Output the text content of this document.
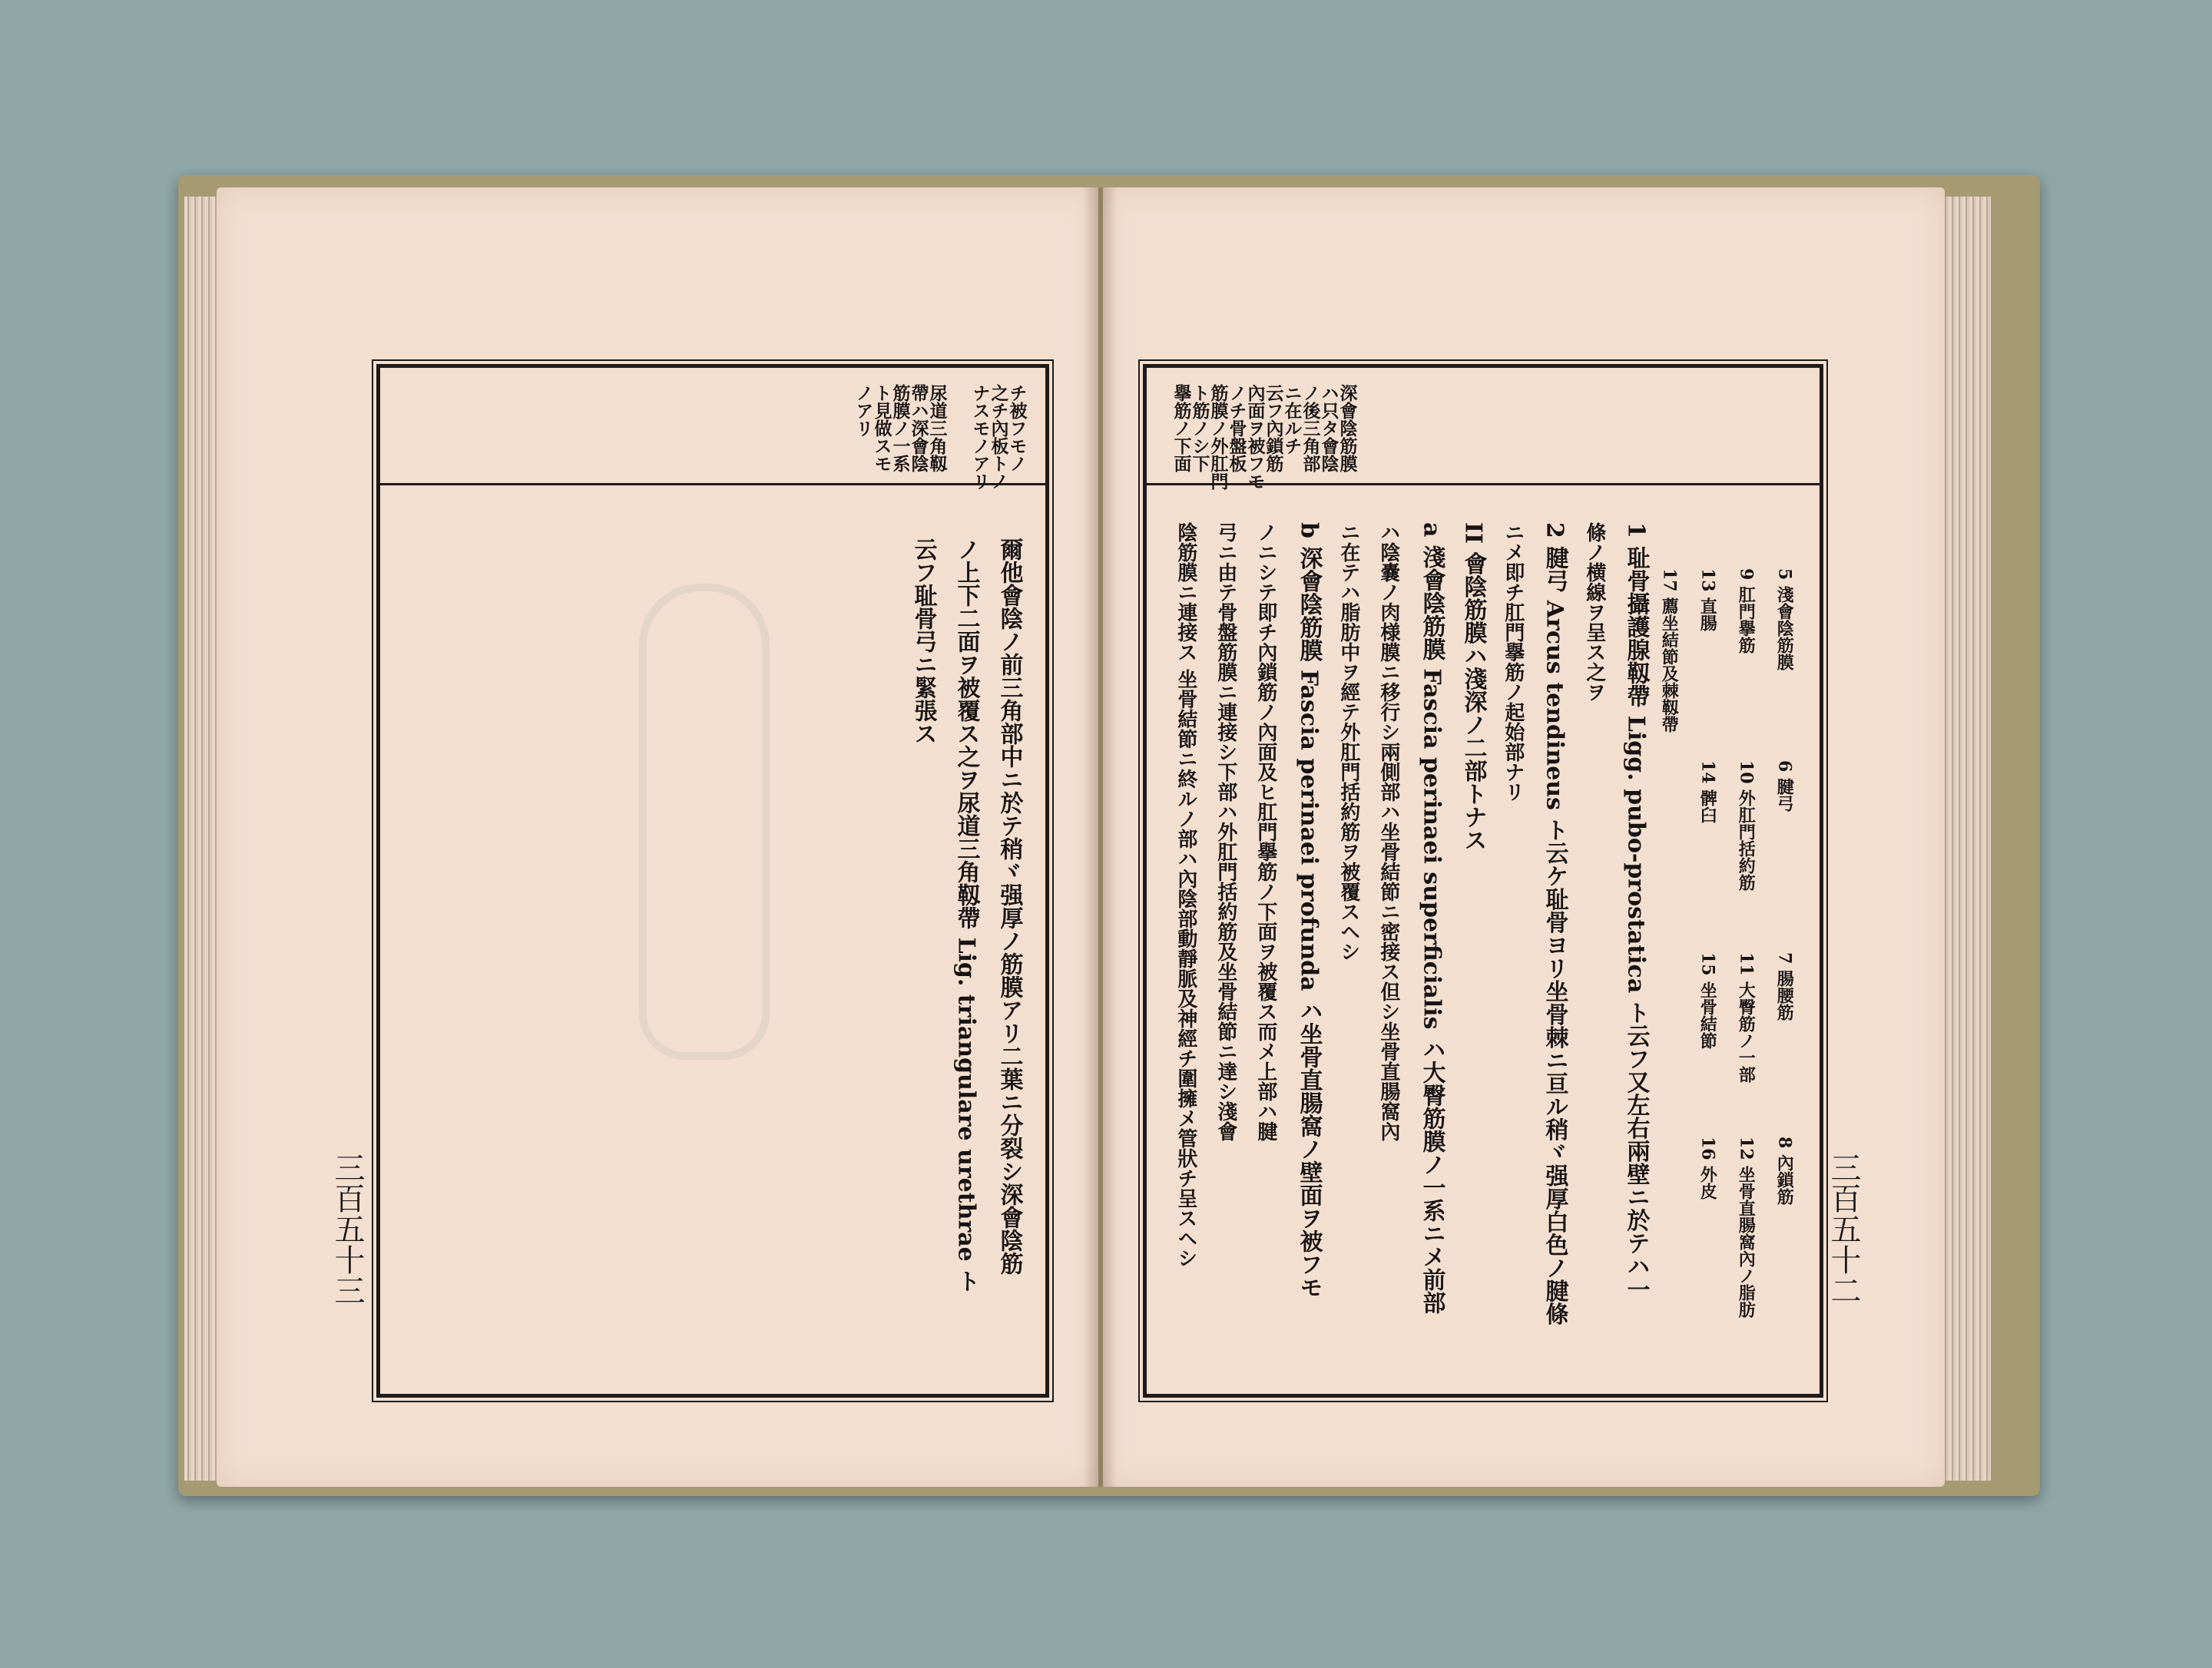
三百五十三
チ被フモノ
之チ內板トノ
ナスモノアリ
尿道三角靱
帶ハ深會陰
筋膜ノ一系
ト見做スモ
ノアリ
爾他會陰ノ前三角部中ニ於テ稍ヾ强厚ノ筋膜アリ二葉ニ分裂シ深會陰筋
ノ上下二面ヲ被覆ス之ヲ尿道三角靱帶 Lig. triangulare urethrae ト
云フ耻骨弓ニ緊張ス
三百五十二
深會陰筋膜
ハ只タ會陰
ノ後三角部
ニ在ルチ
云フ內鎖筋
內面ヲ被フモ
ノチ骨盤板
筋膜ノ外肛門
ト筋ノシ下
擧筋ノ下面
5 淺會陰筋膜
6 腱弓
7 腸腰筋
8 內鎖筋
9 肛門擧筋
10 外肛門括約筋
11 大臀筋ノ一部
12 坐骨直腸窩內ノ脂肪
13 直腸
14 髀臼
15 坐骨結節
16 外皮
17 薦坐結節及棘靱帶
1 耻骨攝護腺靱帶 Ligg. pubo-prostatica ト云フ又左右兩壁ニ於テハ一
條ノ横線ヲ呈ス之ヲ
2 腱弓 Arcus tendineus ト云ケ耻骨ヨリ坐骨棘ニ亘ル稍ヾ强厚白色ノ腱條
ニメ即チ肛門擧筋ノ起始部ナリ
II 會陰筋膜ハ淺深ノ二部トナス
a 淺會陰筋膜 Fascia perinaei superficialis ハ大臀筋膜ノ一系ニメ前部
ハ陰嚢ノ肉様膜ニ移行シ兩側部ハ坐骨結節ニ密接ス但シ坐骨直腸窩內
ニ在テハ脂肪中ヲ經テ外肛門括約筋ヲ被覆スヘシ
b 深會陰筋膜 Fascia perinaei profunda ハ坐骨直腸窩ノ壁面ヲ被フモ
ノニシテ即チ內鎖筋ノ內面及ヒ肛門擧筋ノ下面ヲ被覆ス而メ上部ハ腱
弓ニ由テ骨盤筋膜ニ連接シ下部ハ外肛門括約筋及坐骨結節ニ達シ淺會
陰筋膜ニ連接ス 坐骨結節ニ終ルノ部ハ內陰部動靜脈及神經チ圍擁メ管狀チ呈スヘシ
